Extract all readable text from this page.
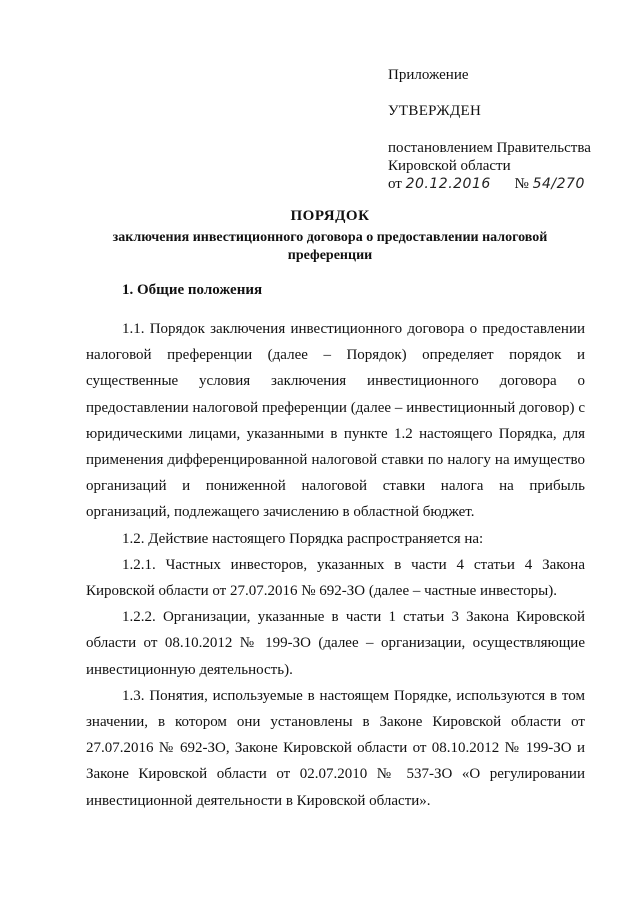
Приложение

УТВЕРЖДЕН

постановлением Правительства

Кировской области

от 20.12.2016 № 54/270

ПОРЯДОК
заключения инвестиционного договора о предоставлении налоговой преференции
1. Общие положения

1.1. Порядок заключения инвестиционного договора о предоставлении налоговой преференции (далее – Порядок) определяет порядок и существенные условия заключения инвестиционного договора о предоставлении налоговой преференции (далее – инвестиционный договор) с юридическими лицами, указанными в пункте 1.2 настоящего Порядка, для применения дифференцированной налоговой ставки по налогу на имущество организаций и пониженной налоговой ставки налога на прибыль организаций, подлежащего зачислению в областной бюджет.

1.2. Действие настоящего Порядка распространяется на:

1.2.1. Частных инвесторов, указанных в части 4 статьи 4 Закона Кировской области от 27.07.2016 № 692-ЗО (далее – частные инвесторы).

1.2.2. Организации, указанные в части 1 статьи 3 Закона Кировской области от 08.10.2012 № 199-ЗО (далее – организации, осуществляющие инвестиционную деятельность).

1.3. Понятия, используемые в настоящем Порядке, используются в том значении, в котором они установлены в Законе Кировской области от 27.07.2016 № 692-ЗО, Законе Кировской области от 08.10.2012 № 199-ЗО и Законе Кировской области от 02.07.2010 № 537-ЗО «О регулировании инвестиционной деятельности в Кировской области».
